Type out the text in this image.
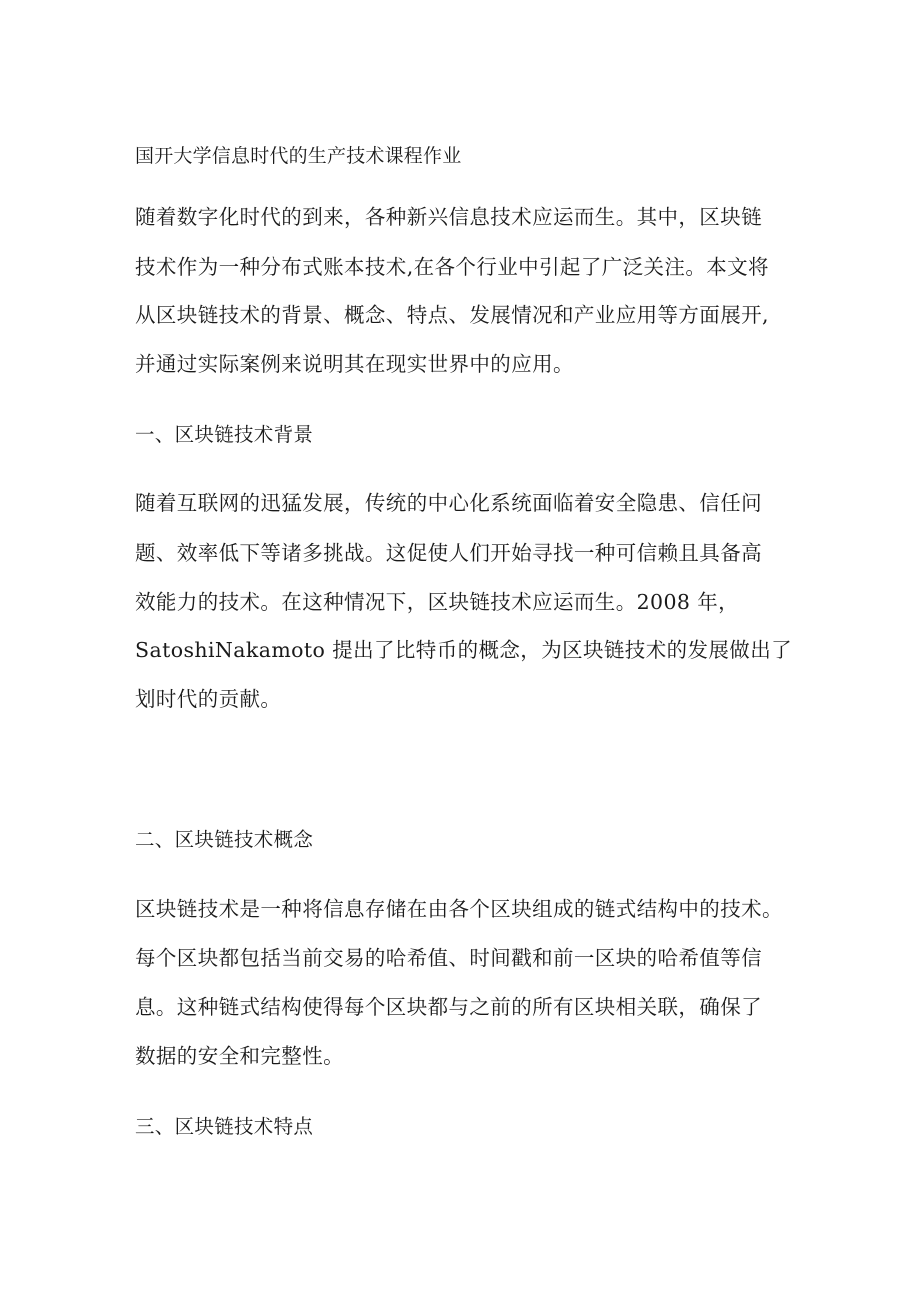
国开大学信息时代的生产技术课程作业

随着数字化时代的到来，各种新兴信息技术应运而生。其中，区块链

技术作为一种分布式账本技术,在各个行业中引起了广泛关注。本文将

从区块链技术的背景、概念、特点、发展情况和产业应用等方面展开,

并通过实际案例来说明其在现实世界中的应用。

一、区块链技术背景

随着互联网的迅猛发展，传统的中心化系统面临着安全隐患、信任问

题、效率低下等诸多挑战。这促使人们开始寻找一种可信赖且具备高

效能力的技术。在这种情况下，区块链技术应运而生。2008 年，

SatoshiNakamoto 提出了比特币的概念，为区块链技术的发展做出了

划时代的贡献。

二、区块链技术概念

区块链技术是一种将信息存储在由各个区块组成的链式结构中的技术。

每个区块都包括当前交易的哈希值、时间戳和前一区块的哈希值等信

息。这种链式结构使得每个区块都与之前的所有区块相关联，确保了

数据的安全和完整性。

三、区块链技术特点
